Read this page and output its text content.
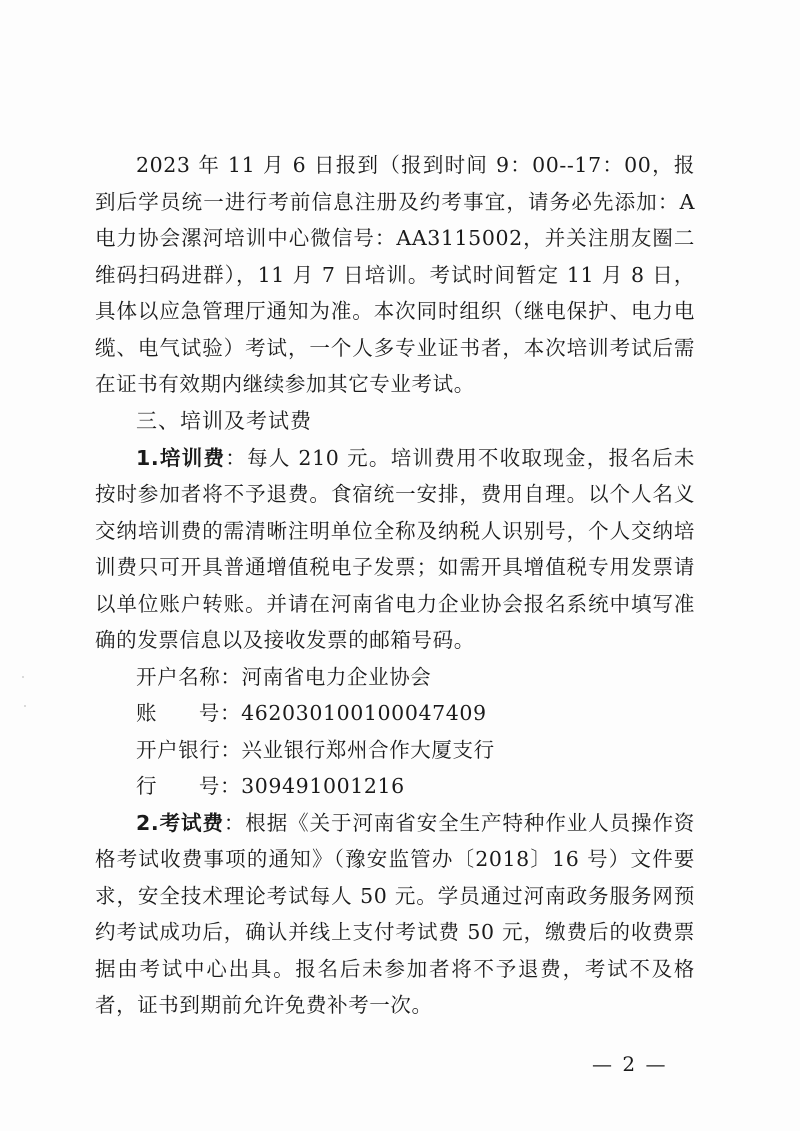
2023 年 11 月 6 日报到（报到时间 9：00--17：00，报到后学员统一进行考前信息注册及约考事宜，请务必先添加：A 电力协会漯河培训中心微信号：AA3115002，并关注朋友圈二维码扫码进群），11 月 7 日培训。考试时间暂定 11 月 8 日，具体以应急管理厅通知为准。本次同时组织（继电保护、电力电缆、电气试验）考试，一个人多专业证书者，本次培训考试后需在证书有效期内继续参加其它专业考试。

三、培训及考试费

1.培训费：每人 210 元。培训费用不收取现金，报名后未按时参加者将不予退费。食宿统一安排，费用自理。以个人名义交纳培训费的需清晰注明单位全称及纳税人识别号，个人交纳培训费只可开具普通增值税电子发票；如需开具增值税专用发票请以单位账户转账。并请在河南省电力企业协会报名系统中填写准确的发票信息以及接收发票的邮箱号码。

开户名称：河南省电力企业协会

账号：462030100100047409

开户银行：兴业银行郑州合作大厦支行

行号：309491001216

2.考试费：根据《关于河南省安全生产特种作业人员操作资格考试收费事项的通知》（豫安监管办〔2018〕16 号）文件要求，安全技术理论考试每人 50 元。学员通过河南政务服务网预约考试成功后，确认并线上支付考试费 50 元，缴费后的收费票据由考试中心出具。报名后未参加者将不予退费，考试不及格者，证书到期前允许免费补考一次。

— 2 —
